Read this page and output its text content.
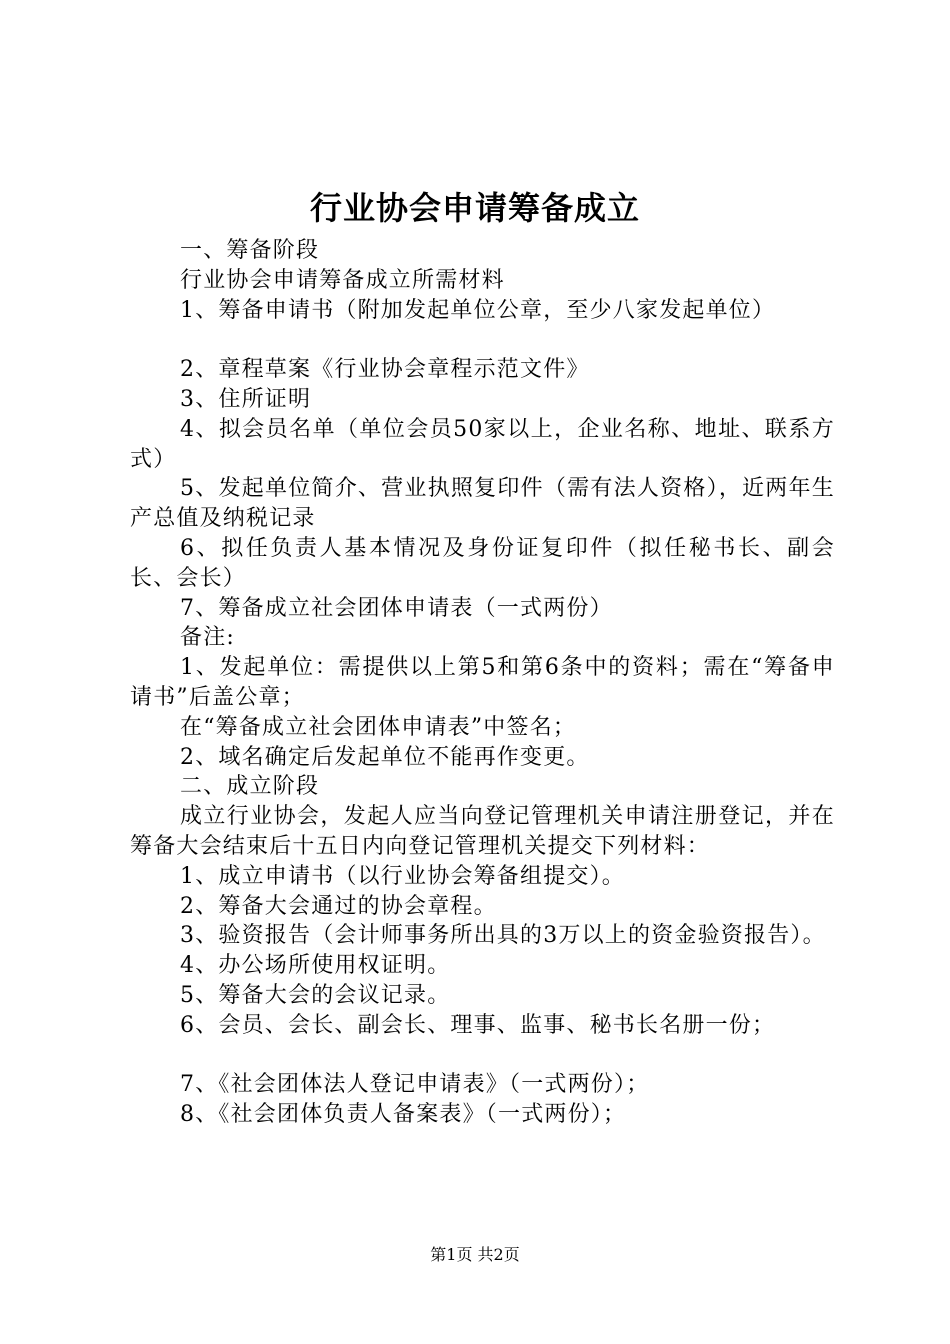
行业协会申请筹备成立

一、筹备阶段

行业协会申请筹备成立所需材料

1、筹备申请书（附加发起单位公章，至少八家发起单位）

2、章程草案《行业协会章程示范文件》

3、住所证明

4、拟会员名单（单位会员50家以上，企业名称、地址、联系方式）

5、发起单位简介、营业执照复印件（需有法人资格），近两年生产总值及纳税记录

6、拟任负责人基本情况及身份证复印件（拟任秘书长、副会长、会长）

7、筹备成立社会团体申请表（一式两份）

备注:

1、发起单位：需提供以上第5和第6条中的资料；需在“筹备申请书”后盖公章；

在“筹备成立社会团体申请表”中签名；

2、域名确定后发起单位不能再作变更。

二、成立阶段

成立行业协会，发起人应当向登记管理机关申请注册登记，并在筹备大会结束后十五日内向登记管理机关提交下列材料：

1、成立申请书（以行业协会筹备组提交）。

2、筹备大会通过的协会章程。

3、验资报告（会计师事务所出具的3万以上的资金验资报告）。

4、办公场所使用权证明。

5、筹备大会的会议记录。

6、会员、会长、副会长、理事、监事、秘书长名册一份；

7、《社会团体法人登记申请表》（一式两份）；

8、《社会团体负责人备案表》（一式两份）；

第1页 共2页
